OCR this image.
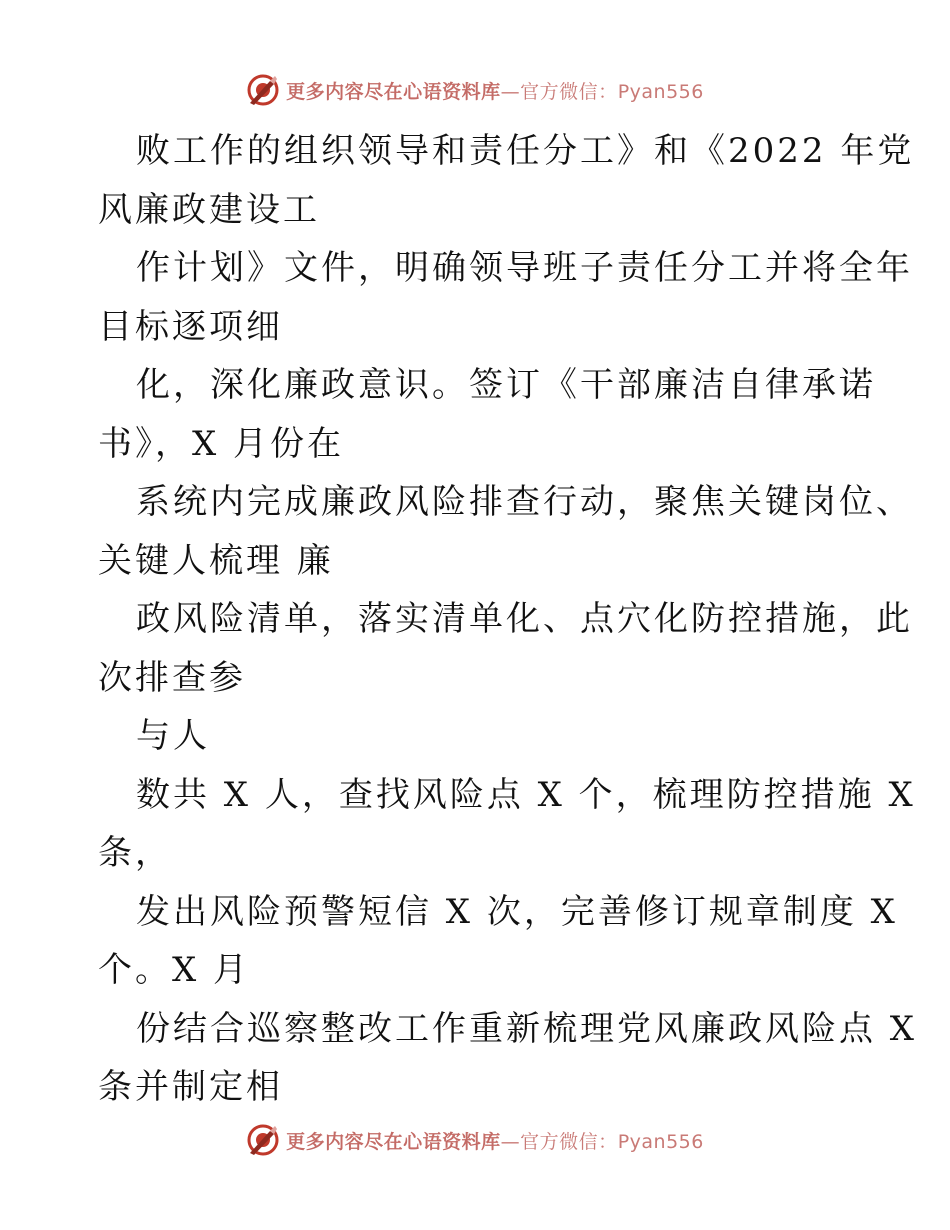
更多内容尽在心语资料库—官方微信：Pyan556
败工作的组织领导和责任分工》和《2022 年党
风廉政建设工
作计划》文件，明确领导班子责任分工并将全年
目标逐项细
化，深化廉政意识。签订《干部廉洁自律承诺
书》，X 月份在
系统内完成廉政风险排查行动，聚焦关键岗位、
关键人梳理 廉
政风险清单，落实清单化、点穴化防控措施，此
次排查参
与人
数共 X 人，查找风险点 X 个，梳理防控措施 X
条，
发出风险预警短信 X 次，完善修订规章制度 X
个。X 月
份结合巡察整改工作重新梳理党风廉政风险点 X
条并制定相
更多内容尽在心语资料库—官方微信：Pyan556
